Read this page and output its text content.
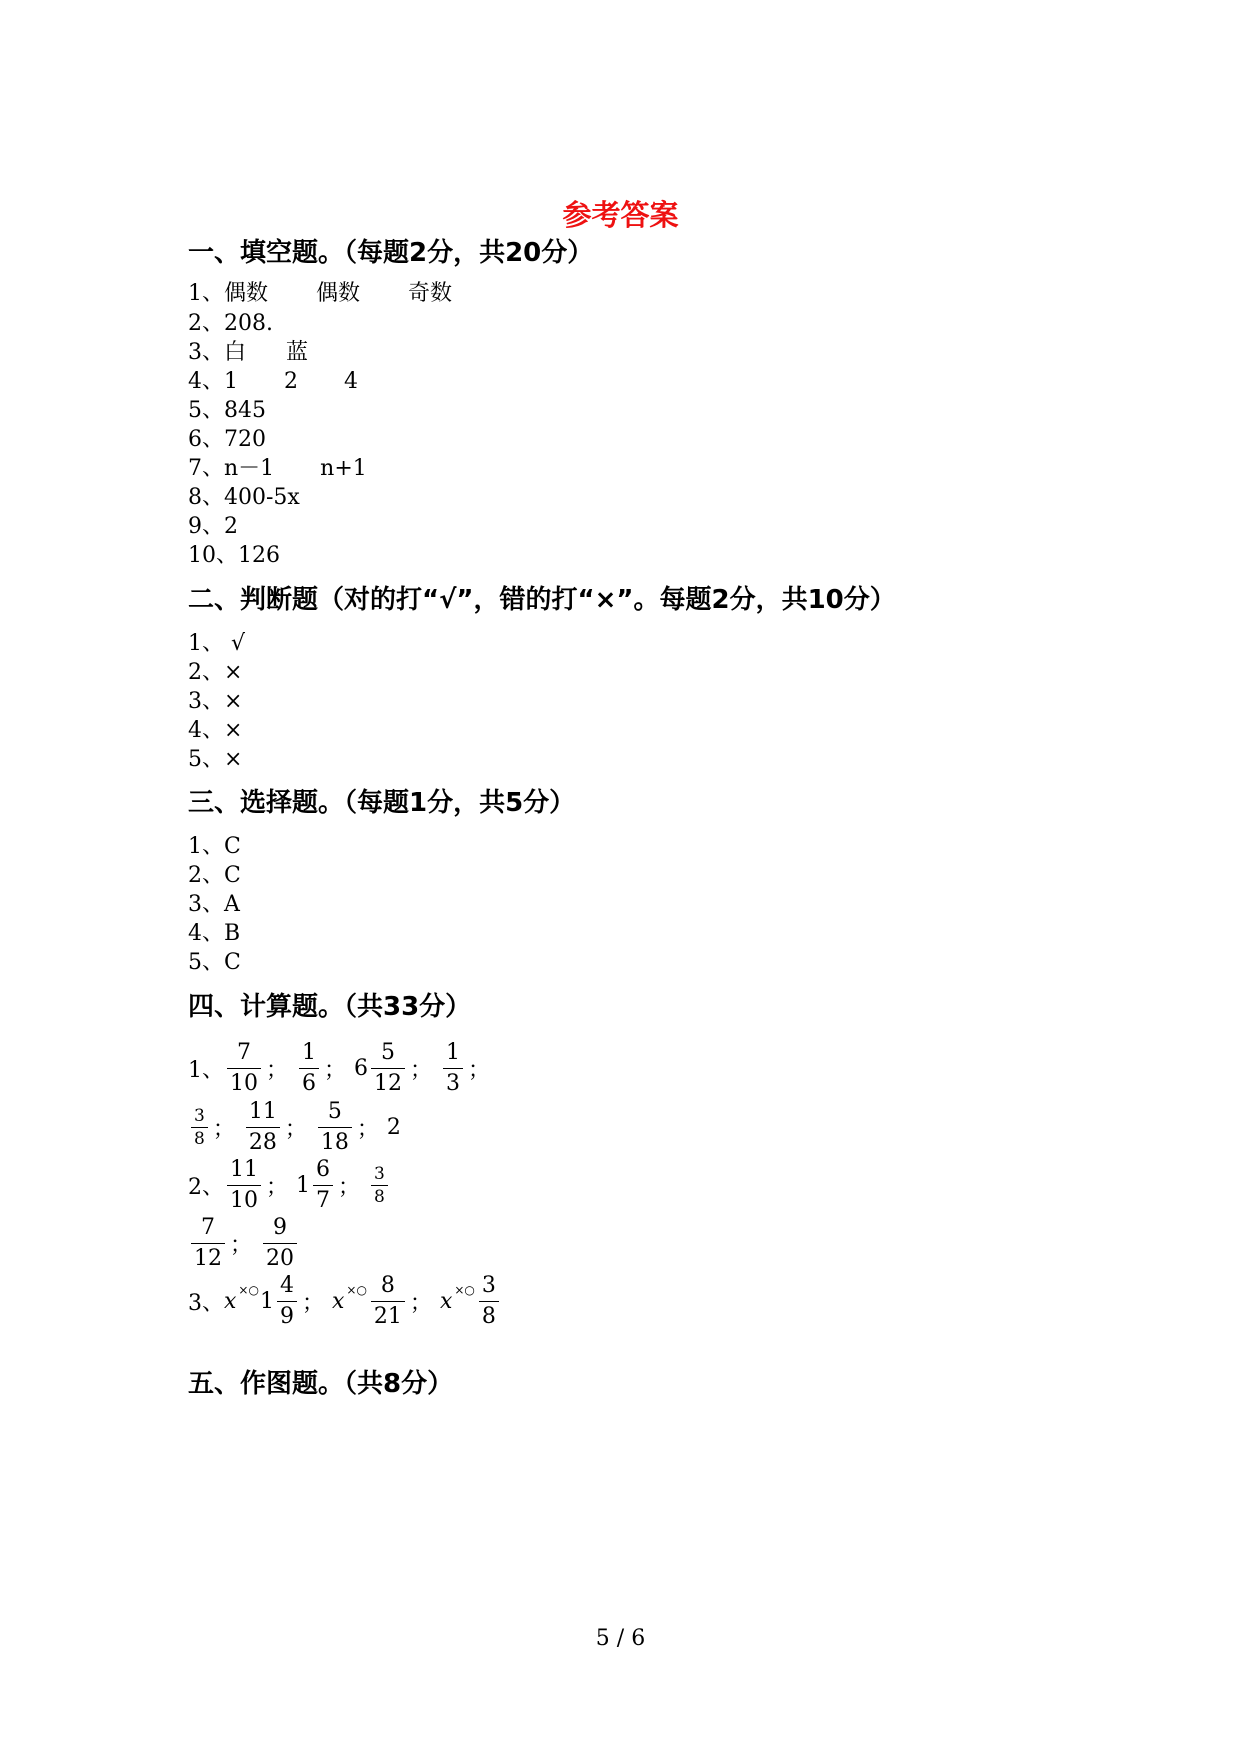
参考答案
一、填空题。（每题2分，共20分）
1、偶数 偶数 奇数
2、208.
3、白 蓝
4、1 2 4
5、845
6、720
7、n－1 n+1
8、400-5x
9、2
10、126
二、判断题（对的打“√”，错的打“×”。每题2分，共10分）
1、 √
2、×
3、×
4、×
5、×
三、选择题。（每题1分，共5分）
1、C
2、C
3、A
4、B
5、C
四、计算题。（共33分）
1、 $\frac{7}{10}$ ； $\frac{1}{6}$ ； $6 \frac{5}{12}$ ； $\frac{1}{3}$ ；
$\frac{3}{8}$ ； $\frac{11}{28}$ ； $\frac{5}{18}$ ； 2
2、 $\frac{11}{10}$ ； $1 \frac{6}{7}$ ； $\frac{3}{8}$
$\frac{7}{12}$ ； $\frac{9}{20}$
3、 x ×○ $1 \frac{4}{9}$ ； x ×○ $\frac{8}{21}$ ； x ×○ $\frac{3}{8}$
五、作图题。（共8分）
5 / 6
